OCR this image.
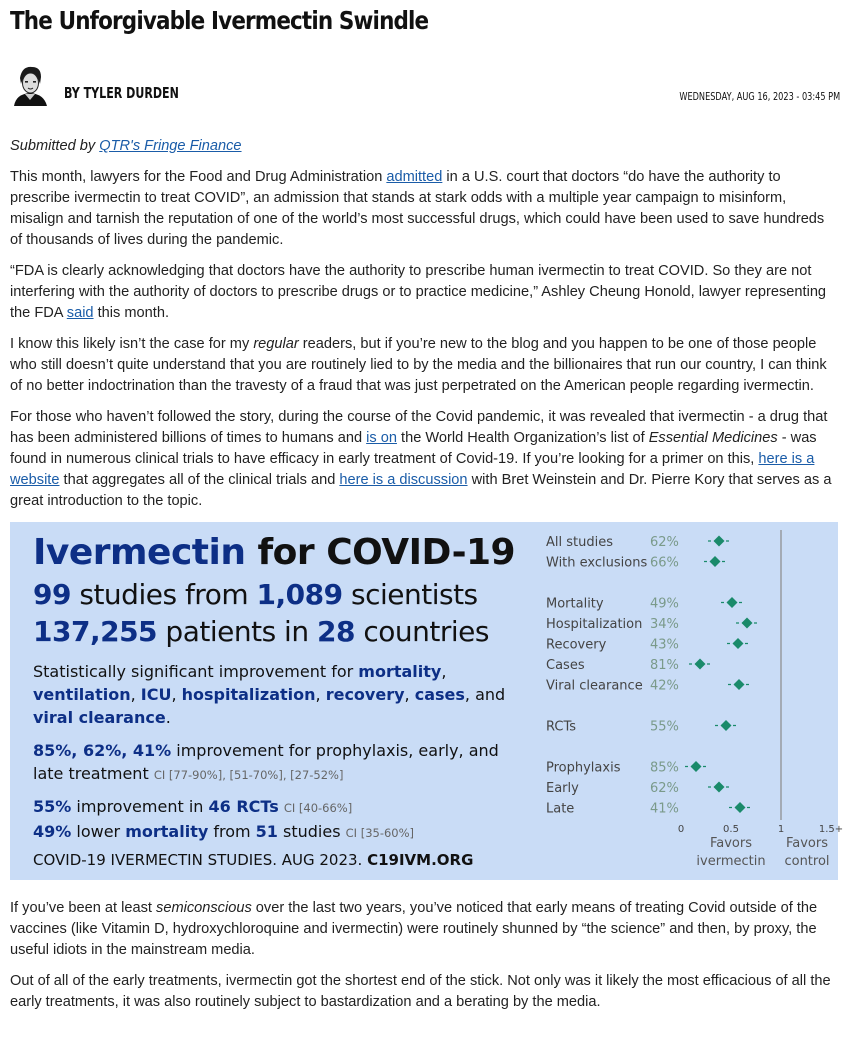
The Unforgivable Ivermectin Swindle
BY TYLER DURDEN	WEDNESDAY, AUG 16, 2023 - 03:45 PM

Submitted by QTR's Fringe Finance

This month, lawyers for the Food and Drug Administration admitted in a U.S. court that doctors “do have the authority to prescribe ivermectin to treat COVID”, an admission that stands at stark odds with a multiple year campaign to misinform, misalign and tarnish the reputation of one of the world’s most successful drugs, which could have been used to save hundreds of thousands of lives during the pandemic.

“FDA is clearly acknowledging that doctors have the authority to prescribe human ivermectin to treat COVID. So they are not interfering with the authority of doctors to prescribe drugs or to practice medicine,” Ashley Cheung Honold, lawyer representing the FDA said this month.

I know this likely isn’t the case for my regular readers, but if you’re new to the blog and you happen to be one of those people who still doesn’t quite understand that you are routinely lied to by the media and the billionaires that run our country, I can think of no better indoctrination than the travesty of a fraud that was just perpetrated on the American people regarding ivermectin.

For those who haven’t followed the story, during the course of the Covid pandemic, it was revealed that ivermectin - a drug that has been administered billions of times to humans and is on the World Health Organization’s list of Essential Medicines - was found in numerous clinical trials to have efficacy in early treatment of Covid-19. If you’re looking for a primer on this, here is a website that aggregates all of the clinical trials and here is a discussion with Bret Weinstein and Dr. Pierre Kory that serves as a great introduction to the topic.

Ivermectin for COVID-19
99 studies from 1,089 scientists
137,255 patients in 28 countries
Statistically significant improvement for mortality, ventilation, ICU, hospitalization, recovery, cases, and viral clearance.
85%, 62%, 41% improvement for prophylaxis, early, and late treatment CI [77-90%], [51-70%], [27-52%]
55% improvement in 46 RCTs CI [40-66%]
49% lower mortality from 51 studies CI [35-60%]
COVID-19 IVERMECTIN STUDIES. AUG 2023. C19IVM.ORG
All studies	62%
With exclusions 66%
Mortality	49%
Hospitalization 34%
Recovery	43%
Cases	81%
Viral clearance 42%
RCTs	55%
Prophylaxis 85%
Early	62%
Late	41%
0	0.5	1	1.5+
Favors
ivermectin
Favors
control

If you’ve been at least semiconscious over the last two years, you’ve noticed that early means of treating Covid outside of the vaccines (like Vitamin D, hydroxychloroquine and ivermectin) were routinely shunned by “the science” and then, by proxy, the useful idiots in the mainstream media.

Out of all of the early treatments, ivermectin got the shortest end of the stick. Not only was it likely the most efficacious of all the early treatments, it was also routinely subject to bastardization and a berating by the media.
